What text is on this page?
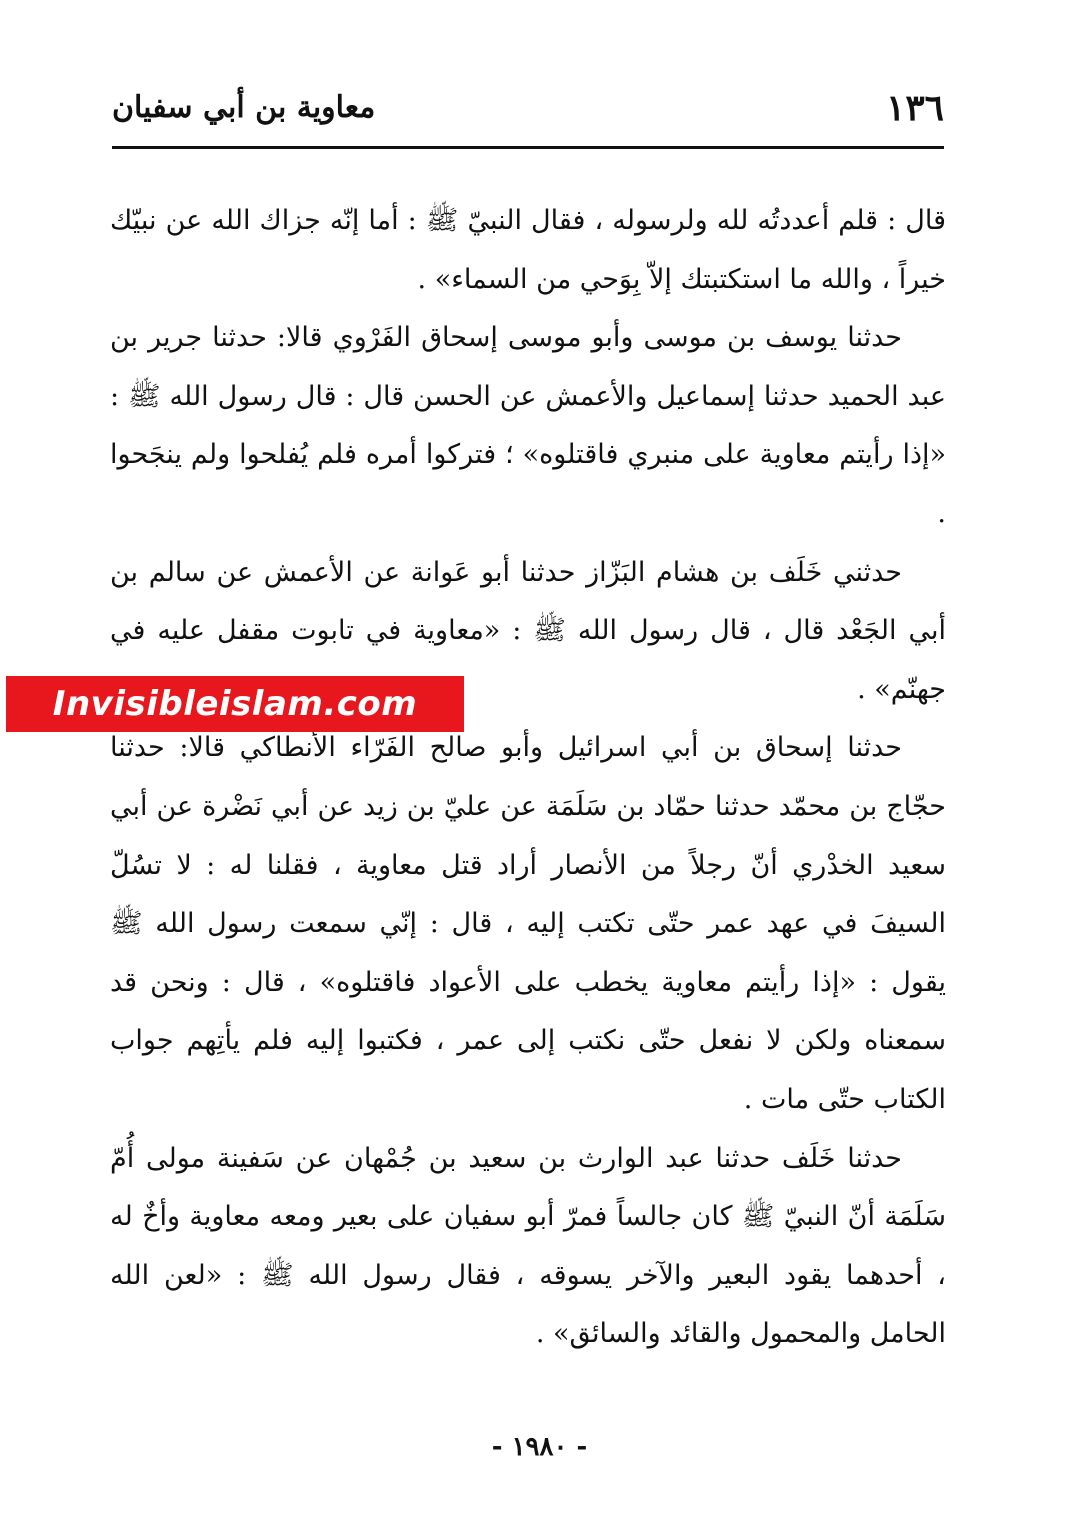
١٣٦
معاوية بن أبي سفيان

قال : قلم أعددتُه لله ولرسوله ، فقال النبيّ ﷺ : أما إنّه جزاك الله عن نبيّك خيراً ، والله ما استكتبتك إلاّ بِوَحي من السماء» .

حدثنا يوسف بن موسى وأبو موسى إسحاق الفَرْوي قالا: حدثنا جرير بن عبد الحميد حدثنا إسماعيل والأعمش عن الحسن قال : قال رسول الله ﷺ : «إذا رأيتم معاوية على منبري فاقتلوه» ؛ فتركوا أمره فلم يُفلحوا ولم ينجَحوا .

حدثني خَلَف بن هشام البَزّاز حدثنا أبو عَوانة عن الأعمش عن سالم بن أبي الجَعْد قال ، قال رسول الله ﷺ : «معاوية في تابوت مقفل عليه في جهنّم» .

حدثنا إسحاق بن أبي اسرائيل وأبو صالح الفَرّاء الأنطاكي قالا: حدثنا حجّاج بن محمّد حدثنا حمّاد بن سَلَمَة عن عليّ بن زيد عن أبي نَضْرة عن أبي سعيد الخدْري أنّ رجلاً من الأنصار أراد قتل معاوية ، فقلنا له : لا تسُلّ السيفَ في عهد عمر حتّى تكتب إليه ، قال : إنّي سمعت رسول الله ﷺ يقول : «إذا رأيتم معاوية يخطب على الأعواد فاقتلوه» ، قال : ونحن قد سمعناه ولكن لا نفعل حتّى نكتب إلى عمر ، فكتبوا إليه فلم يأتِهم جواب الكتاب حتّى مات .

حدثنا خَلَف حدثنا عبد الوارث بن سعيد بن جُمْهان عن سَفينة مولى أُمّ سَلَمَة أنّ النبيّ ﷺ كان جالساً فمرّ أبو سفيان على بعير ومعه معاوية وأخٌ له ، أحدهما يقود البعير والآخر يسوقه ، فقال رسول الله ﷺ : «لعن الله الحامل والمحمول والقائد والسائق» .

Invisibleislam.com
- ١٩٨٠ -
